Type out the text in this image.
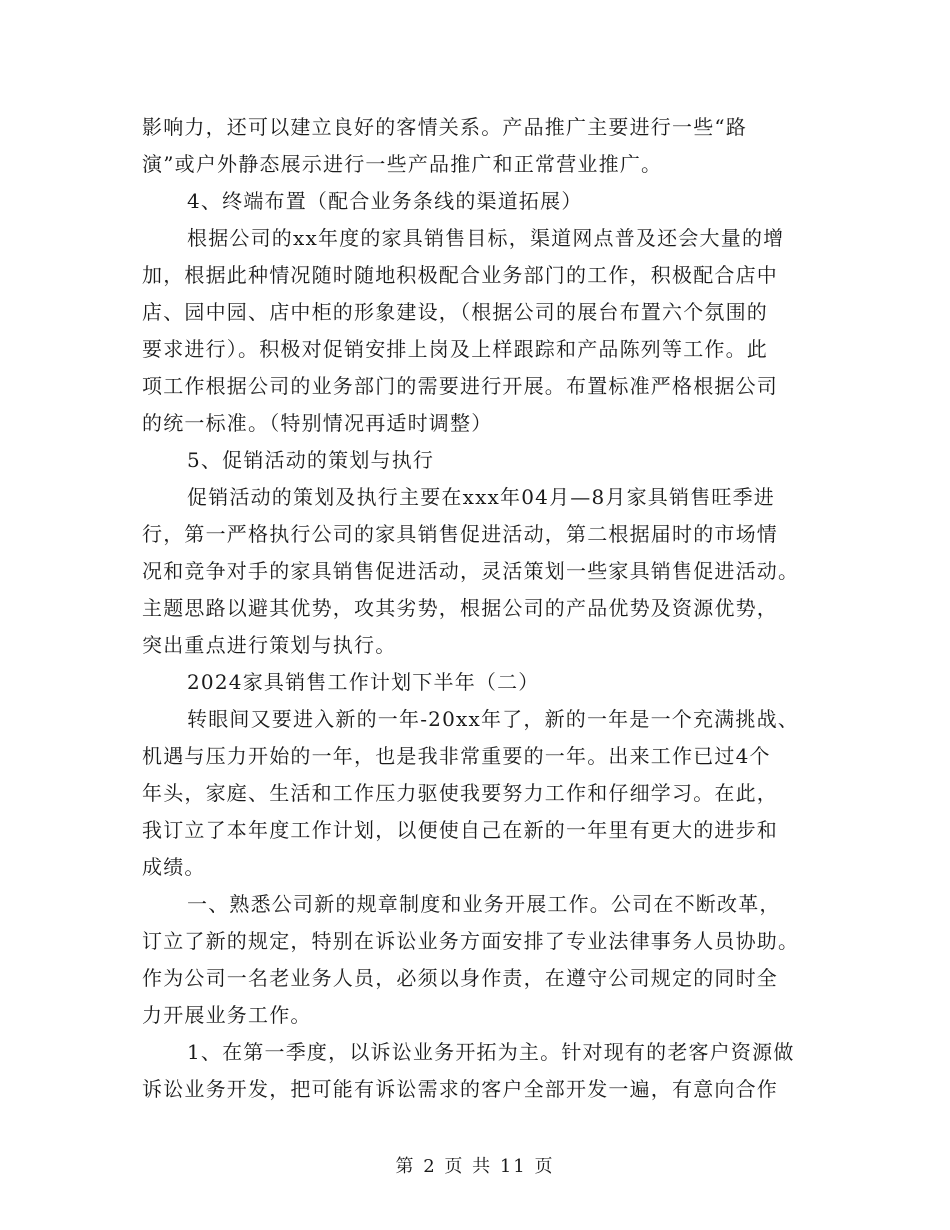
影响力，还可以建立良好的客情关系。产品推广主要进行一些“路
演”或户外静态展示进行一些产品推广和正常营业推广。
4、终端布置（配合业务条线的渠道拓展）
根据公司的xx年度的家具销售目标，渠道网点普及还会大量的增
加，根据此种情况随时随地积极配合业务部门的工作，积极配合店中
店、园中园、店中柜的形象建设，（根据公司的展台布置六个氛围的
要求进行）。积极对促销安排上岗及上样跟踪和产品陈列等工作。此
项工作根据公司的业务部门的需要进行开展。布置标准严格根据公司
的统一标准。（特别情况再适时调整）
5、促销活动的策划与执行
促销活动的策划及执行主要在xxx年04月—8月家具销售旺季进
行，第一严格执行公司的家具销售促进活动，第二根据届时的市场情
况和竞争对手的家具销售促进活动，灵活策划一些家具销售促进活动。
主题思路以避其优势，攻其劣势，根据公司的产品优势及资源优势，
突出重点进行策划与执行。
2024家具销售工作计划下半年（二）
转眼间又要进入新的一年-20xx年了，新的一年是一个充满挑战、
机遇与压力开始的一年，也是我非常重要的一年。出来工作已过4个
年头，家庭、生活和工作压力驱使我要努力工作和仔细学习。在此，
我订立了本年度工作计划，以便使自己在新的一年里有更大的进步和
成绩。
一、熟悉公司新的规章制度和业务开展工作。公司在不断改革，
订立了新的规定，特别在诉讼业务方面安排了专业法律事务人员协助。
作为公司一名老业务人员，必须以身作责，在遵守公司规定的同时全
力开展业务工作。
1、在第一季度，以诉讼业务开拓为主。针对现有的老客户资源做
诉讼业务开发，把可能有诉讼需求的客户全部开发一遍，有意向合作
第 2 页 共 11 页
